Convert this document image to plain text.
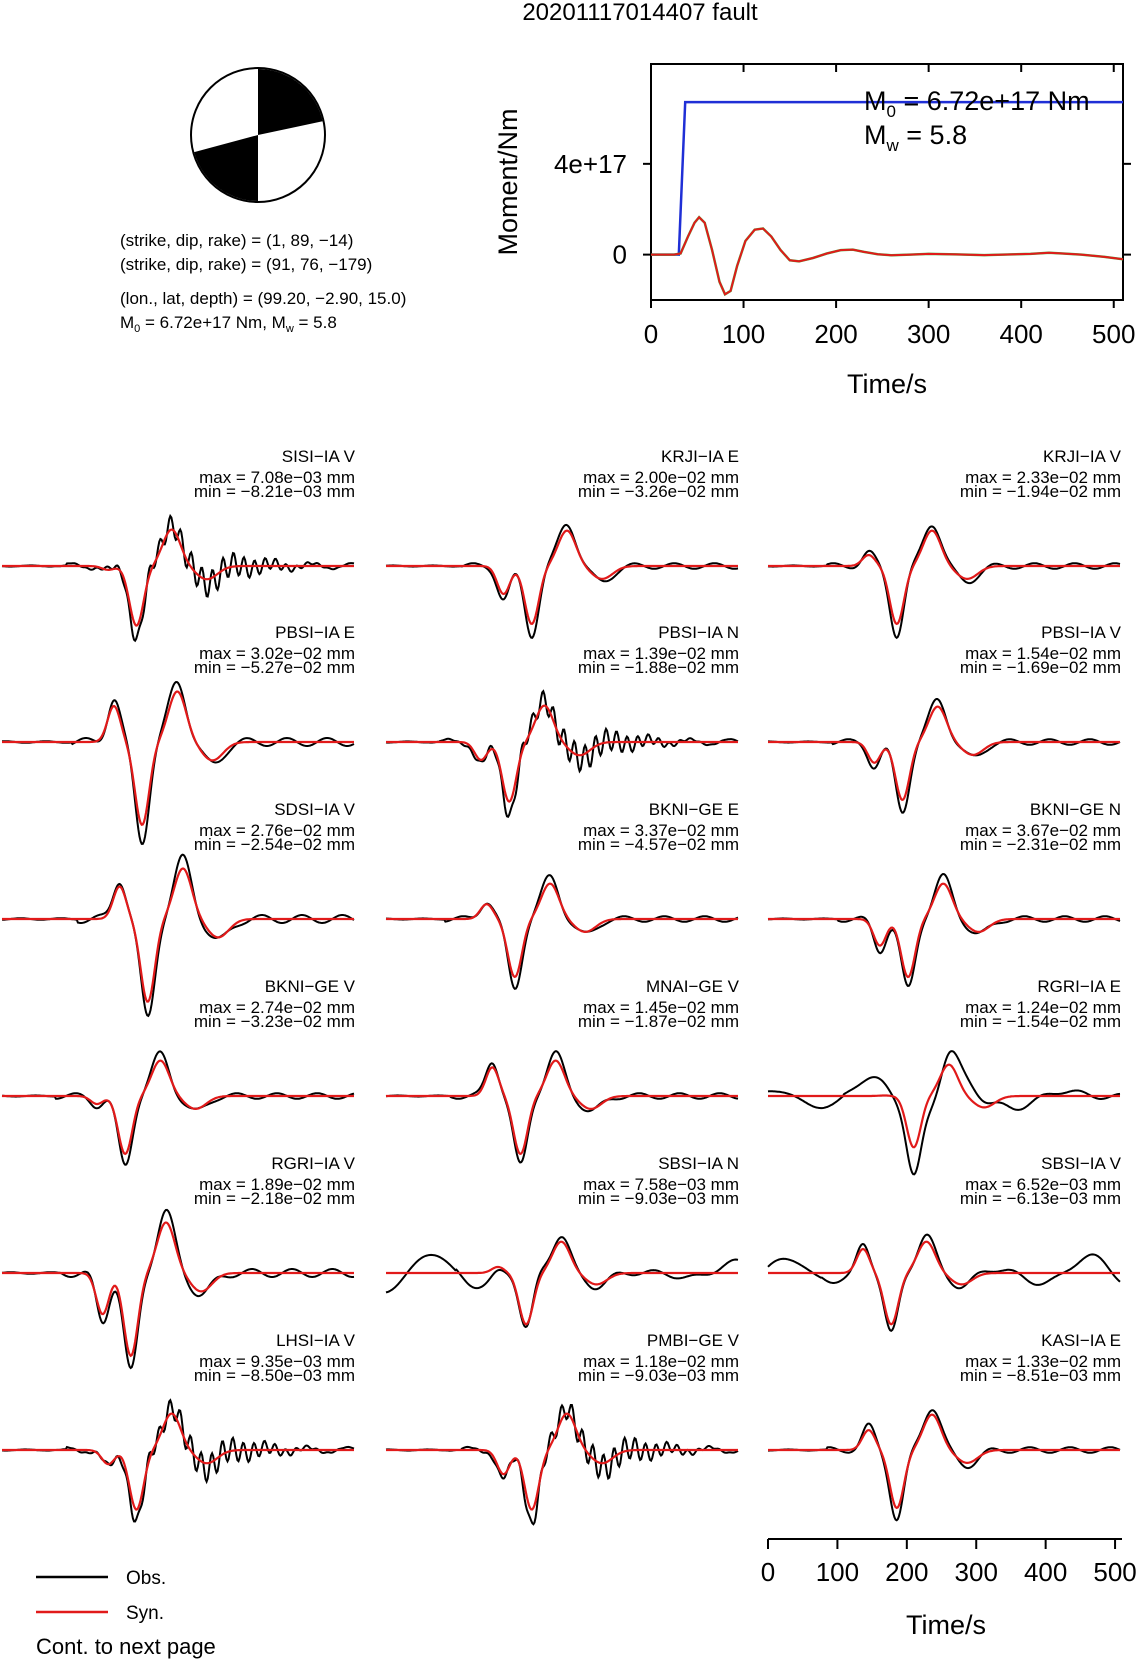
20201117014407 fault
(strike, dip, rake) = (1, 89, −14)
(strike, dip, rake) = (91, 76, −179)
(lon., lat, depth) = (99.20, −2.90, 15.0)
$M_0 = 6.72e+17$ Nm, $M_w = 5.8$	0 100 200 300 400 500
0
4e+17
$M_0 = 6.72e+17$ Nm
$M_w = 5.8$
Moment/Nm
Time/s
SISI−IA V
max = 7.08e−03 mm
min = −8.21e−03 mm
KRJI−IA E
max = 2.00e−02 mm
min = −3.26e−02 mm
KRJI−IA V
max = 2.33e−02 mm
min = −1.94e−02 mm
PBSI−IA E
max = 3.02e−02 mm
min = −5.27e−02 mm
PBSI−IA N
max = 1.39e−02 mm
min = −1.88e−02 mm
PBSI−IA V
max = 1.54e−02 mm
min = −1.69e−02 mm
SDSI−IA V
max = 2.76e−02 mm
min = −2.54e−02 mm
BKNI−GE E
max = 3.37e−02 mm
min = −4.57e−02 mm
BKNI−GE N
max = 3.67e−02 mm
min = −2.31e−02 mm
BKNI−GE V
max = 2.74e−02 mm
min = −3.23e−02 mm
MNAI−GE V
max = 1.45e−02 mm
min = −1.87e−02 mm
RGRI−IA E
max = 1.24e−02 mm
min = −1.54e−02 mm
RGRI−IA V
max = 1.89e−02 mm
min = −2.18e−02 mm
SBSI−IA N
max = 7.58e−03 mm
min = −9.03e−03 mm
SBSI−IA V
max = 6.52e−03 mm
min = −6.13e−03 mm
LHSI−IA V
max = 9.35e−03 mm
min = −8.50e−03 mm
PMBI−GE V
max = 1.18e−02 mm
min = −9.03e−03 mm
KASI−IA E
max = 1.33e−02 mm
min = −8.51e−03 mm
Time/s
0 100 200 300 400 500
Obs.
Syn.
Cont. to next page
